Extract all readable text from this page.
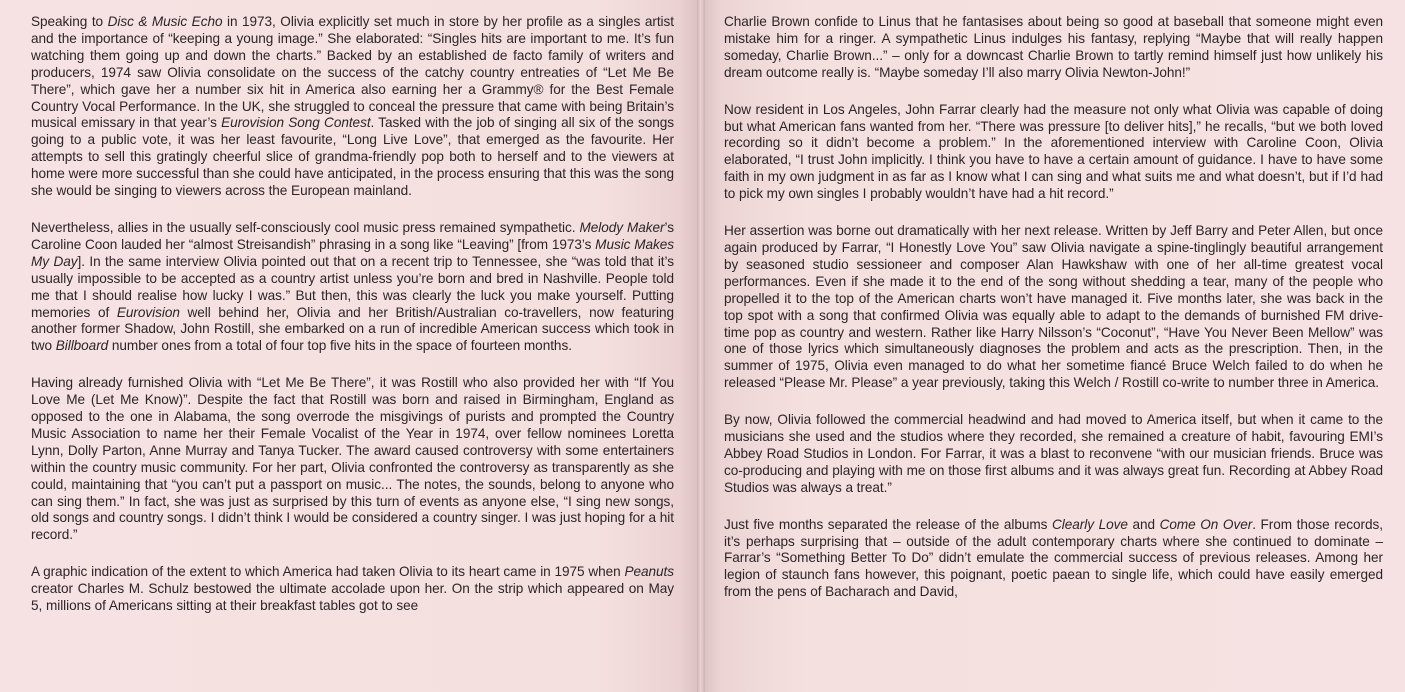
Speaking to Disc & Music Echo in 1973, Olivia explicitly set much in store by her profile as a singles artist and the importance of “keeping a young image.” She elaborated: “Singles hits are important to me. It’s fun watching them going up and down the charts.” Backed by an established de facto family of writers and producers, 1974 saw Olivia consolidate on the success of the catchy country entreaties of “Let Me Be There”, which gave her a number six hit in America also earning her a Grammy® for the Best Female Country Vocal Performance. In the UK, she struggled to conceal the pressure that came with being Britain’s musical emissary in that year’s Eurovision Song Contest. Tasked with the job of singing all six of the songs going to a public vote, it was her least favourite, “Long Live Love”, that emerged as the favourite. Her attempts to sell this gratingly cheerful slice of grandma-friendly pop both to herself and to the viewers at home were more successful than she could have anticipated, in the process ensuring that this was the song she would be singing to viewers across the European mainland.

Nevertheless, allies in the usually self-consciously cool music press remained sympathetic. Melody Maker’s Caroline Coon lauded her “almost Streisandish” phrasing in a song like “Leaving” [from 1973’s Music Makes My Day]. In the same interview Olivia pointed out that on a recent trip to Tennessee, she “was told that it’s usually impossible to be accepted as a country artist unless you’re born and bred in Nashville. People told me that I should realise how lucky I was.” But then, this was clearly the luck you make yourself. Putting memories of Eurovision well behind her, Olivia and her British/Australian co-travellers, now featuring another former Shadow, John Rostill, she embarked on a run of incredible American success which took in two Billboard number ones from a total of four top five hits in the space of fourteen months.

Having already furnished Olivia with “Let Me Be There”, it was Rostill who also provided her with “If You Love Me (Let Me Know)”. Despite the fact that Rostill was born and raised in Birmingham, England as opposed to the one in Alabama, the song overrode the misgivings of purists and prompted the Country Music Association to name her their Female Vocalist of the Year in 1974, over fellow nominees Loretta Lynn, Dolly Parton, Anne Murray and Tanya Tucker. The award caused controversy with some entertainers within the country music community. For her part, Olivia confronted the controversy as transparently as she could, maintaining that “you can’t put a passport on music... The notes, the sounds, belong to anyone who can sing them.” In fact, she was just as surprised by this turn of events as anyone else, “I sing new songs, old songs and country songs. I didn’t think I would be considered a country singer. I was just hoping for a hit record.”

A graphic indication of the extent to which America had taken Olivia to its heart came in 1975 when Peanuts creator Charles M. Schulz bestowed the ultimate accolade upon her. On the strip which appeared on May 5, millions of Americans sitting at their breakfast tables got to see

Charlie Brown confide to Linus that he fantasises about being so good at baseball that someone might even mistake him for a ringer. A sympathetic Linus indulges his fantasy, replying “Maybe that will really happen someday, Charlie Brown...” – only for a downcast Charlie Brown to tartly remind himself just how unlikely his dream outcome really is. “Maybe someday I’ll also marry Olivia Newton-John!”

Now resident in Los Angeles, John Farrar clearly had the measure not only what Olivia was capable of doing but what American fans wanted from her. “There was pressure [to deliver hits],” he recalls, “but we both loved recording so it didn’t become a problem.” In the aforementioned interview with Caroline Coon, Olivia elaborated, “I trust John implicitly. I think you have to have a certain amount of guidance. I have to have some faith in my own judgment in as far as I know what I can sing and what suits me and what doesn’t, but if I’d had to pick my own singles I probably wouldn’t have had a hit record.”

Her assertion was borne out dramatically with her next release. Written by Jeff Barry and Peter Allen, but once again produced by Farrar, “I Honestly Love You” saw Olivia navigate a spine-tinglingly beautiful arrangement by seasoned studio sessioneer and composer Alan Hawkshaw with one of her all-time greatest vocal performances. Even if she made it to the end of the song without shedding a tear, many of the people who propelled it to the top of the American charts won’t have managed it. Five months later, she was back in the top spot with a song that confirmed Olivia was equally able to adapt to the demands of burnished FM drive-time pop as country and western. Rather like Harry Nilsson’s “Coconut”, “Have You Never Been Mellow” was one of those lyrics which simultaneously diagnoses the problem and acts as the prescription. Then, in the summer of 1975, Olivia even managed to do what her sometime fiancé Bruce Welch failed to do when he released “Please Mr. Please” a year previously, taking this Welch / Rostill co-write to number three in America.

By now, Olivia followed the commercial headwind and had moved to America itself, but when it came to the musicians she used and the studios where they recorded, she remained a creature of habit, favouring EMI’s Abbey Road Studios in London. For Farrar, it was a blast to reconvene “with our musician friends. Bruce was co-producing and playing with me on those first albums and it was always great fun. Recording at Abbey Road Studios was always a treat.”

Just five months separated the release of the albums Clearly Love and Come On Over. From those records, it’s perhaps surprising that – outside of the adult contemporary charts where she continued to dominate – Farrar’s “Something Better To Do” didn’t emulate the commercial success of previous releases. Among her legion of staunch fans however, this poignant, poetic paean to single life, which could have easily emerged from the pens of Bacharach and David,
